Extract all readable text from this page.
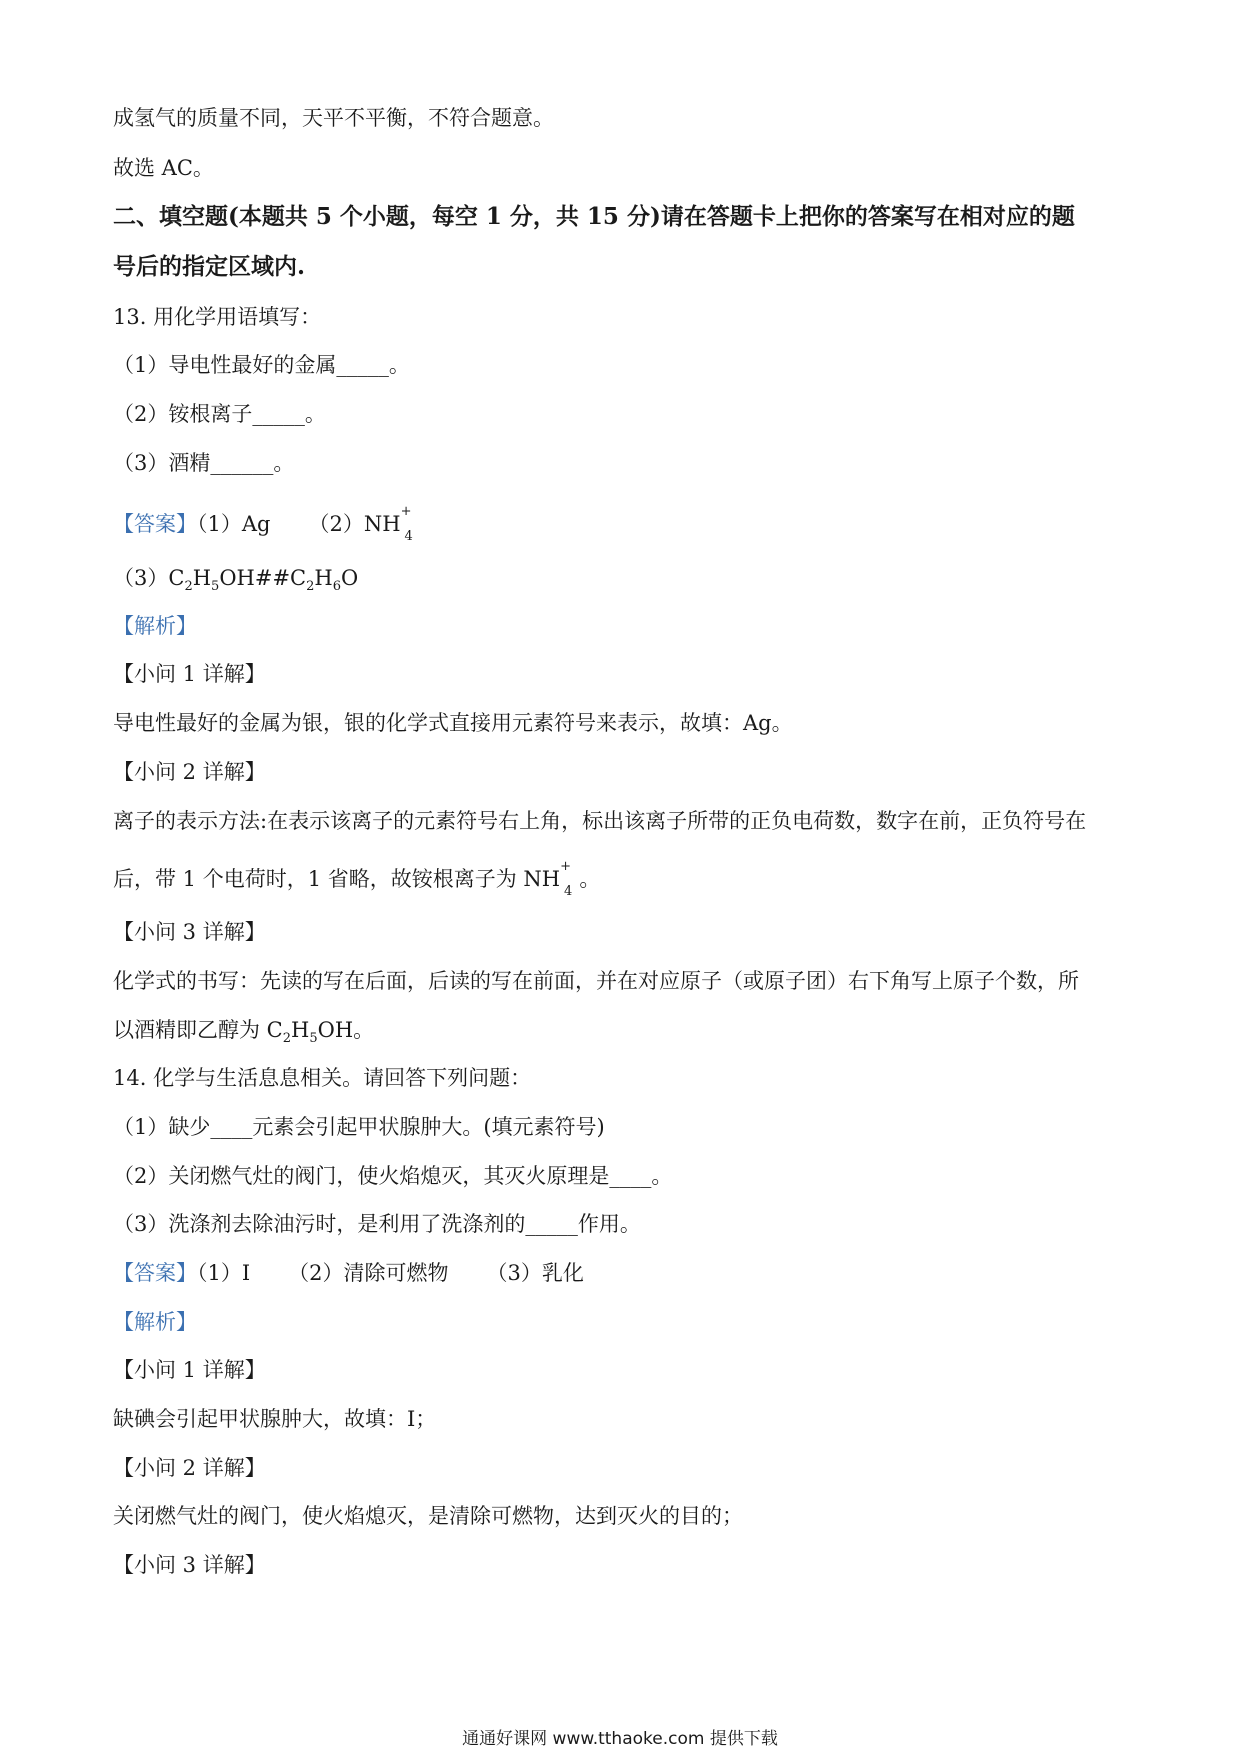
成氢气的质量不同，天平不平衡，不符合题意。
故选 AC。
二、填空题(本题共 5 个小题，每空 1 分，共 15 分)请在答题卡上把你的答案写在相对应的题
号后的指定区域内.
13. 用化学用语填写：
（1）导电性最好的金属_____。
（2）铵根离子_____。
（3）酒精______。
【答案】（1）Ag $(2)NH^+_4$
$(3)C_2H_5OH\#\#C_2H_6O$
【解析】
【小问 1 详解】
导电性最好的金属为银，银的化学式直接用元素符号来表示，故填：Ag。
【小问 2 详解】
离子的表示方法:在表示该离子的元素符号右上角，标出该离子所带的正负电荷数，数字在前，正负符号在
后，带 1 个电荷时，1 省略，故铵根离子为 $NH^+_4$。
【小问 3 详解】
化学式的书写：先读的写在后面，后读的写在前面，并在对应原子（或原子团）右下角写上原子个数，所
以酒精即乙醇为 $C_2H_5OH$。
14. 化学与生活息息相关。请回答下列问题：
（1）缺少____元素会引起甲状腺肿大。(填元素符号)
（2）关闭燃气灶的阀门，使火焰熄灭，其灭火原理是____。
（3）洗涤剂去除油污时，是利用了洗涤剂的_____作用。
【答案】（1）I （2）清除可燃物 （3）乳化
【解析】
【小问 1 详解】
缺碘会引起甲状腺肿大，故填：I；
【小问 2 详解】
关闭燃气灶的阀门，使火焰熄灭，是清除可燃物，达到灭火的目的；
【小问 3 详解】
通通好课网 www.tthaoke.com 提供下载
